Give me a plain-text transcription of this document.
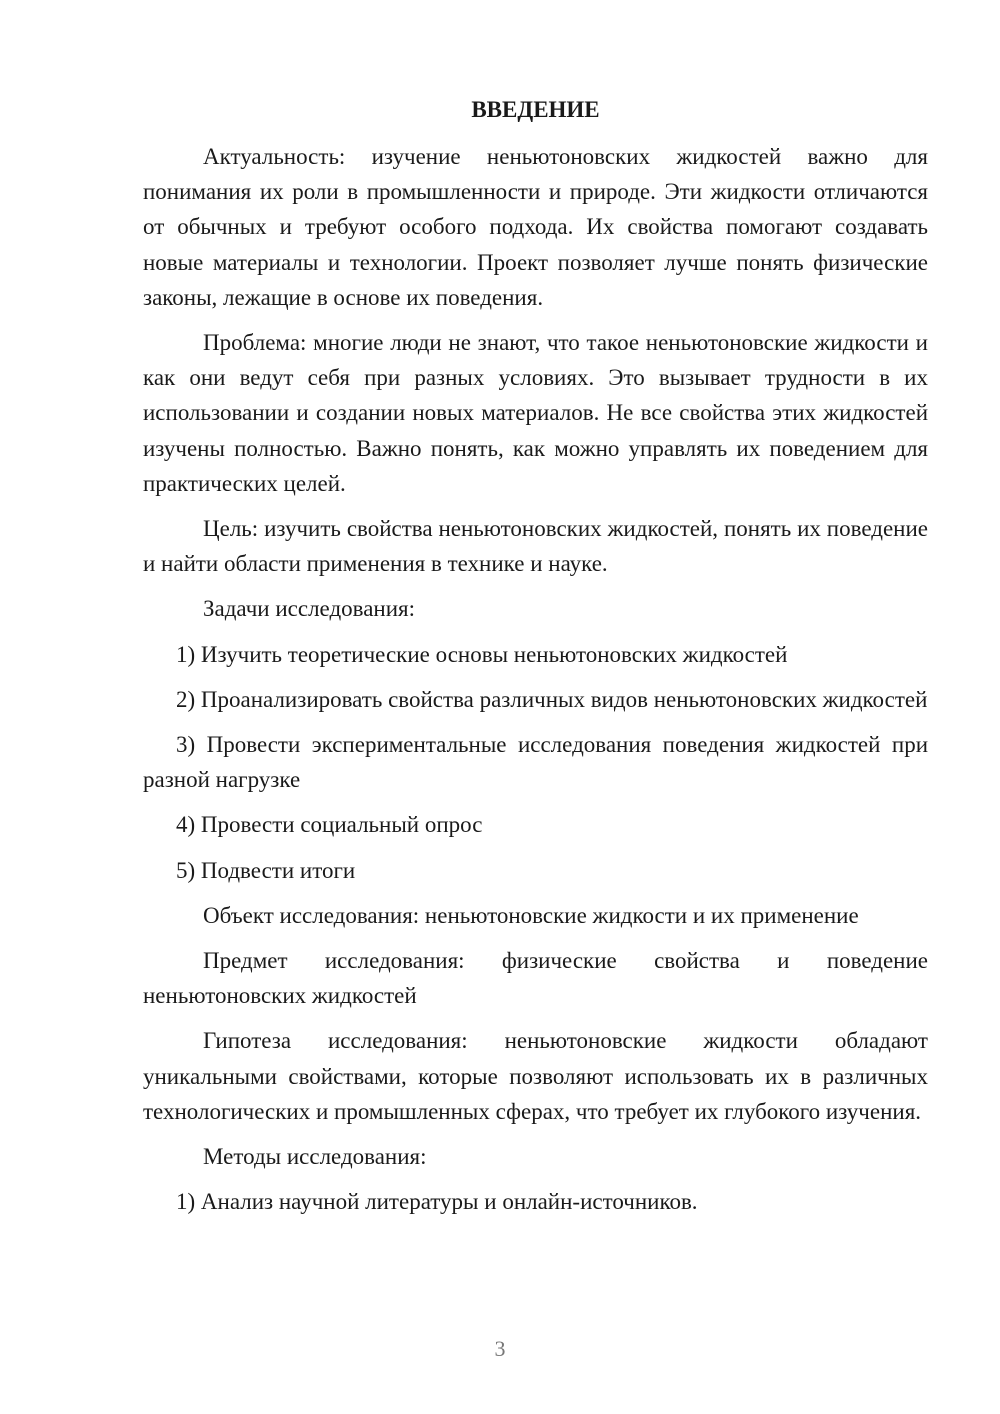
ВВЕДЕНИЕ

Актуальность: изучение неньютоновских жидкостей важно для понимания их роли в промышленности и природе. Эти жидкости отличаются от обычных и требуют особого подхода. Их свойства помогают создавать новые материалы и технологии. Проект позволяет лучше понять физические законы, лежащие в основе их поведения.

Проблема: многие люди не знают, что такое неньютоновские жидкости и как они ведут себя при разных условиях. Это вызывает трудности в их использовании и создании новых материалов. Не все свойства этих жидкостей изучены полностью. Важно понять, как можно управлять их поведением для практических целей.

Цель: изучить свойства неньютоновских жидкостей, понять их поведение и найти области применения в технике и науке.

Задачи исследования:

1) Изучить теоретические основы неньютоновских жидкостей

2) Проанализировать свойства различных видов неньютоновских жидкостей

3) Провести экспериментальные исследования поведения жидкостей при разной нагрузке

4) Провести социальный опрос

5) Подвести итоги

Объект исследования: неньютоновские жидкости и их применение

Предмет исследования: физические свойства и поведение неньютоновских жидкостей

Гипотеза исследования: неньютоновские жидкости обладают уникальными свойствами, которые позволяют использовать их в различных технологических и промышленных сферах, что требует их глубокого изучения.

Методы исследования:

1) Анализ научной литературы и онлайн-источников.

3
